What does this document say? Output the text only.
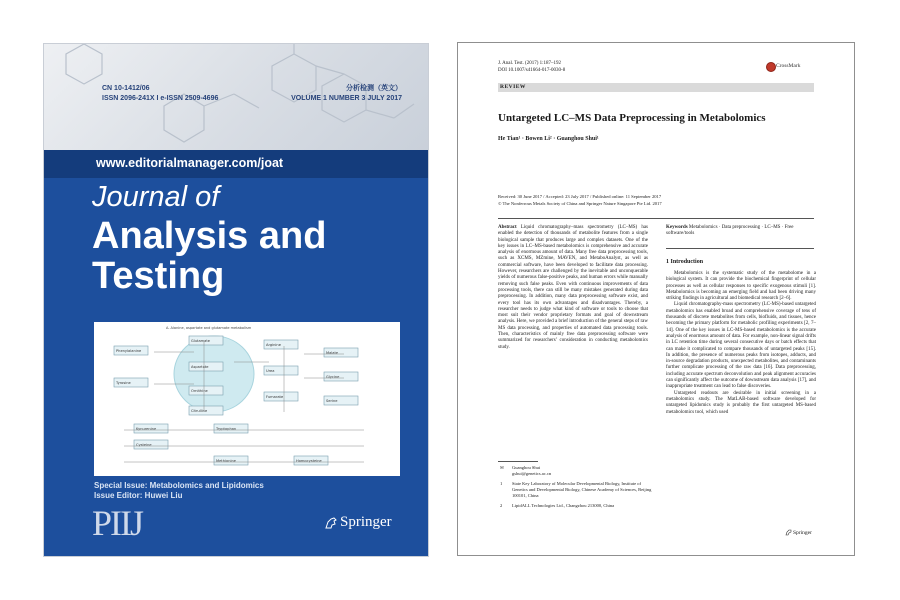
CN 10-1412/06
ISSN 2096-241X I e-ISSN 2509-4696
分析检测（英文）
VOLUME 1 NUMBER 3 JULY 2017
www.editorialmanager.com/joat
Journal of
Analysis and Testing
A. Alanine, aspartate and glutamate metabolism
Phenylalanine
Tyrosine
Glutamate
Aspartate
Ornithine
Citrulline
Arginine
Urea
Fumarate
Malate
Glycine
Serine
Kynurenine	Tryptophan
Cysteine
Methionine	Homocysteine
Special Issue: Metabolomics and Lipidomics
Issue Editor: Huwei Liu
PIIJ	Springer
J. Anal. Test. (2017) 1:187–192
DOI 10.1007/s41664-017-0030-8
CrossMark
REVIEW
Untargeted LC–MS Data Preprocessing in Metabolomics
He Tian¹ · Bowen Li² · Guanghou Shui¹
Received: 30 June 2017 / Accepted: 23 July 2017 / Published online: 11 September 2017
© The Nonferrous Metals Society of China and Springer Nature Singapore Pte Ltd. 2017
Abstract Liquid chromatography–mass spectrometry (LC–MS) has enabled the detection of thousands of metabolite features from a single biological sample that produces large and complex datasets. One of the key issues in LC–MS-based metabolomics is comprehensive and accurate analysis of enormous amount of data. Many free data preprocessing tools, such as XCMS, MZmine, MAVEN, and MetaboAnalyst, as well as commercial software, have been developed to facilitate data processing. However, researchers are challenged by the inevitable and unconquerable yields of numerous false-positive peaks, and human errors while manually removing such false peaks. Even with continuous improvements of data processing tools, there can still be many mistakes generated during data preprocessing. In addition, many data preprocessing software exist, and every tool has its own advantages and disadvantages. Thereby, a researcher needs to judge what kind of software or tools to choose that most suit their vendor proprietary formats and goal of downstream analysis. Here, we provided a brief introduction of the general steps of raw MS data processing, and properties of automated data processing tools. Then, characteristics of mainly free data preprocessing software were summarized for researchers’ consideration in conducting metabolomics study.
Keywords Metabolomics · Data preprocessing · LC–MS · Free software/tools
1 Introduction

Metabolomics is the systematic study of the metabolome in a biological system. It can provide the biochemical fingerprint of cellular processes as well as cellular responses to specific exogenous stimuli [1]. Metabolomics is becoming an emerging field and had been driving many striking findings in agricultural and biomedical research [2–6].

Liquid chromatography-mass spectrometry (LC-MS)-based untargeted metabolomics has enabled broad and comprehensive coverage of tens of thousands of discrete metabolites from cells, biofluids, and tissues, hence becoming the primary platform for metabolic profiling experiments [2, 7–14]. One of the key issues in LC-MS-based metabolomics is the accurate analysis of enormous amount of data. For example, non-linear signal drifts in LC retention time during several consecutive days or batch effects that can make it complicated to compare thousands of untargeted peaks [15]. In addition, the presence of numerous peaks from isotopes, adducts, and in-source degradation products, unexpected metabolites, and contaminants further complicate processing of the raw data [16]. Data preprocessing, including accurate spectrum deconvolution and peak alignment accuracies can significantly affect the outcome of downstream data analysis [17], and inappropriate treatment can lead to false discoveries.

Untargeted readouts are desirable in initial screening in a metabolomics study. The MatLAB-based software developed for untargeted lipidomics study is probably the first untargeted MS-based metabolomics tool, which used

✉ Guanghou Shui
gshui@genetics.ac.cn
1 State Key Laboratory of Molecular Developmental Biology, Institute of Genetics and Developmental Biology, Chinese Academy of Sciences, Beijing 100101, China
2 LipidALL Technologies Ltd., Changzhou 213000, China
Springer
